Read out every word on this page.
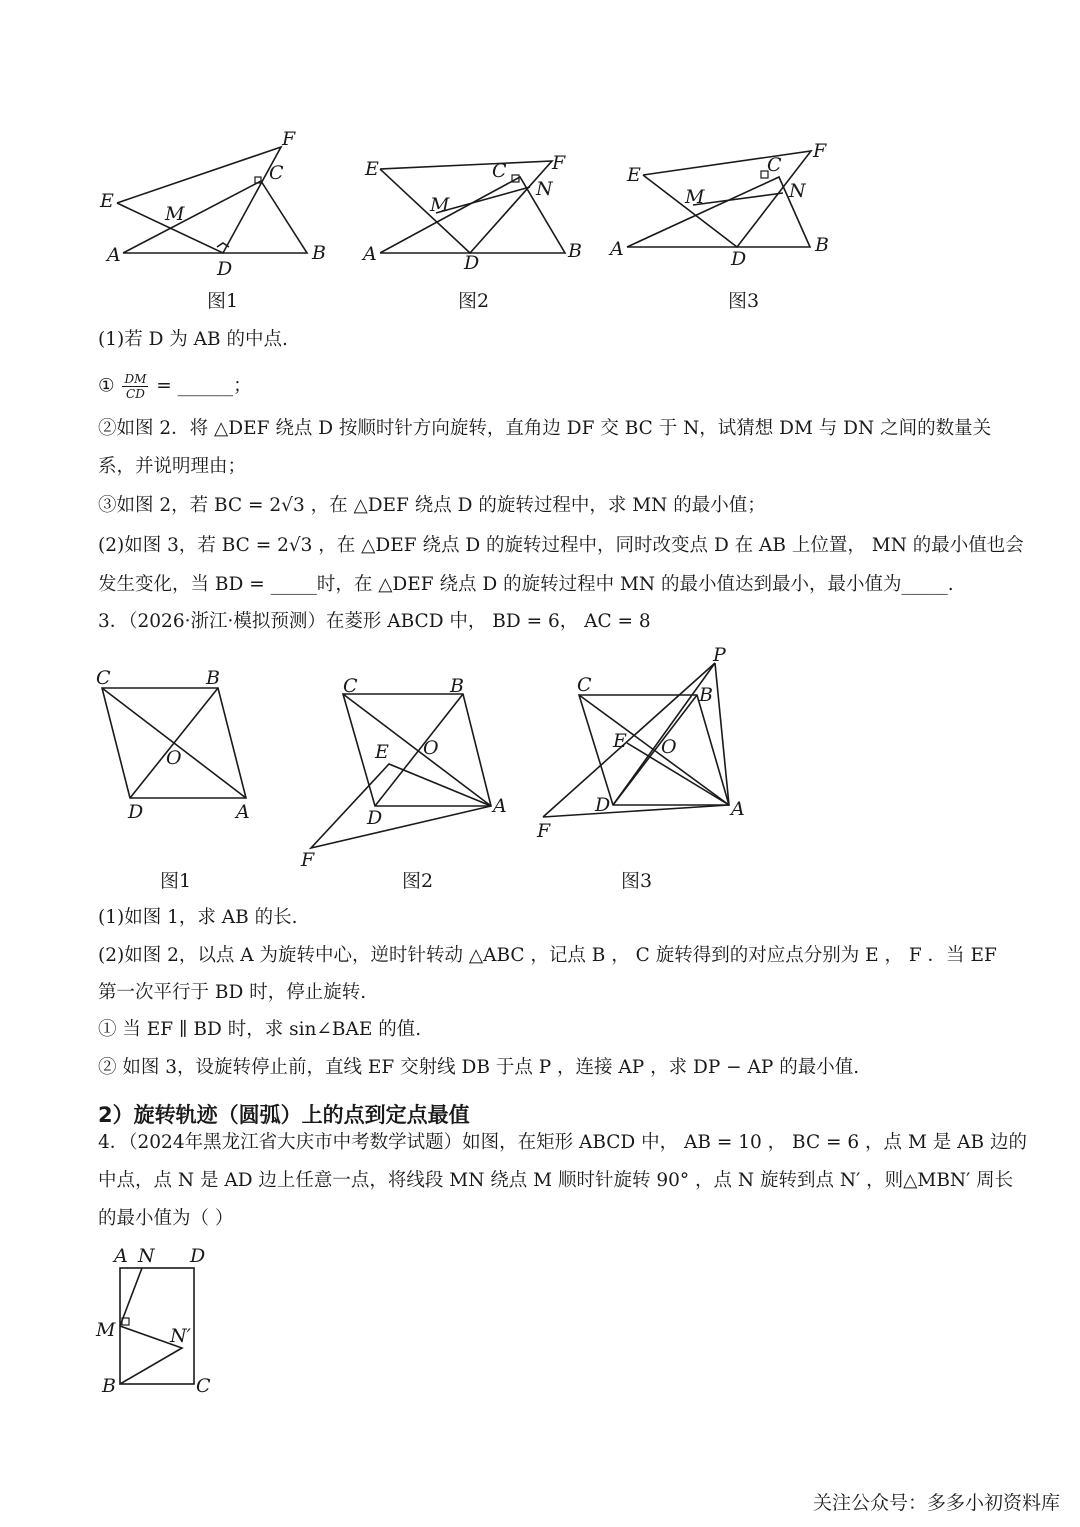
F
C
E
M
A
D
B
图1
E	C F
N
M
A	D
B
图2
E	C
F
N
M
A	D
B
图3
(1)若 D 为 AB 的中点.
① $\frac{DM}{CD}$ = ______；
②如图 2．将 △DEF 绕点 D 按顺时针方向旋转，直角边 DF 交 BC 于 N，试猜想 DM 与 DN 之间的数量关
系，并说明理由；
③如图 2，若 BC = 2√3 ，在 △DEF 绕点 D 的旋转过程中，求 MN 的最小值；
(2)如图 3，若 BC = 2√3 ，在 △DEF 绕点 D 的旋转过程中，同时改变点 D 在 AB 上位置， MN 的最小值也会
发生变化，当 BD = _____时，在 △DEF 绕点 D 的旋转过程中 MN 的最小值达到最小，最小值为_____.
3．（2026·浙江·模拟预测）在菱形 ABCD 中， BD = 6， AC = 8
C	B
O
D	A
图1
C	B
E O
D
A
F
图2
P
C	B
E O
D	A
F
图3
(1)如图 1，求 AB 的长.
(2)如图 2，以点 A 为旋转中心，逆时针转动 △ABC ，记点 B ， C 旋转得到的对应点分别为 E ， F ．当 EF
第一次平行于 BD 时，停止旋转.
① 当 EF ∥ BD 时，求 sin∠BAE 的值.
② 如图 3，设旋转停止前，直线 EF 交射线 DB 于点 P ，连接 AP ，求 DP − AP 的最小值.
2）旋转轨迹（圆弧）上的点到定点最值
4．（2024年黑龙江省大庆市中考数学试题）如图，在矩形 ABCD 中， AB = 10 ， BC = 6 ，点 M 是 AB 边的
中点，点 N 是 AD 边上任意一点，将线段 MN 绕点 M 顺时针旋转 90° ，点 N 旋转到点 N′ ，则△MBN′ 周长
的最小值为（ ）
A N D
M	N′
B	C
关注公众号：多多小初资料库
